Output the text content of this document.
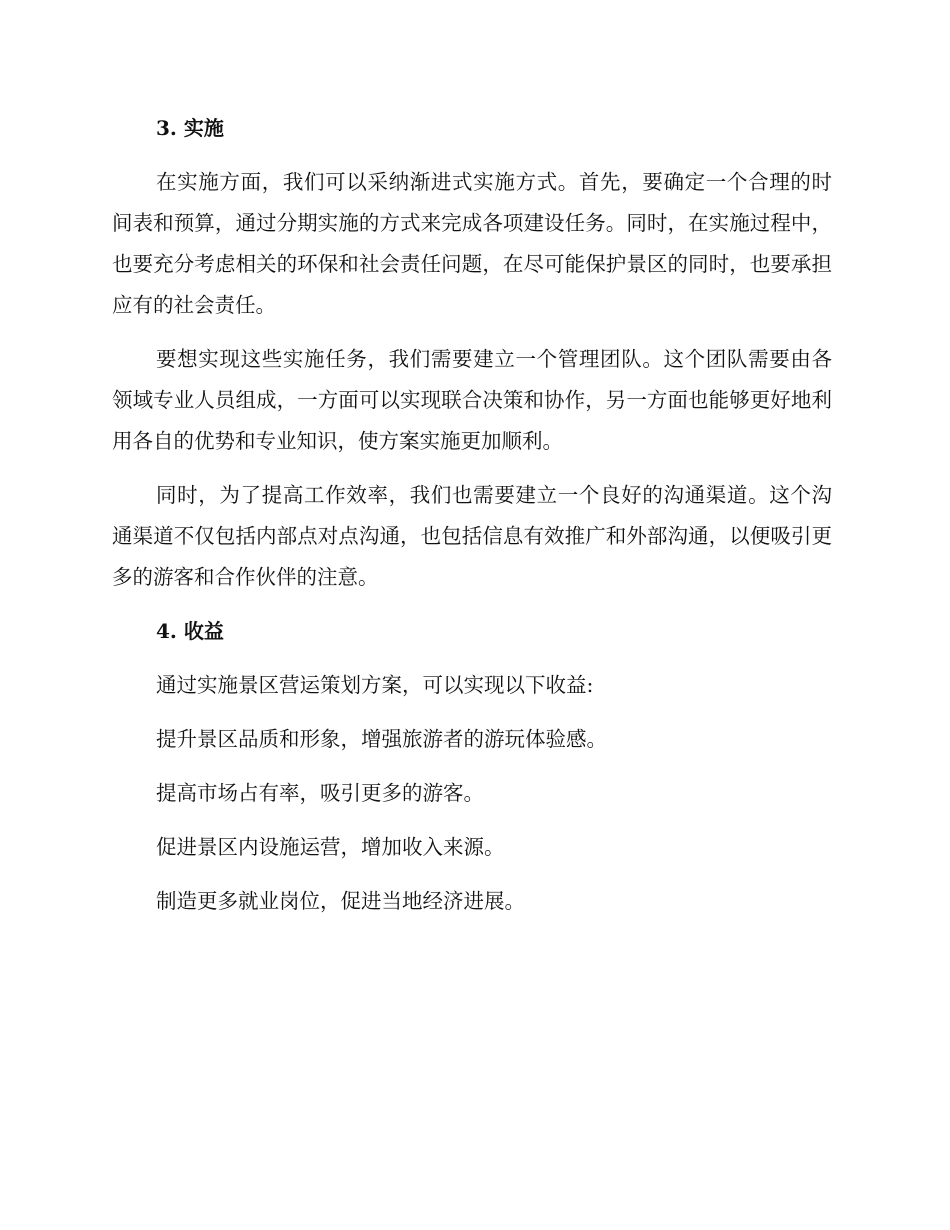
3. 实施

在实施方面，我们可以采纳渐进式实施方式。首先，要确定一个合理的时间表和预算，通过分期实施的方式来完成各项建设任务。同时，在实施过程中，也要充分考虑相关的环保和社会责任问题，在尽可能保护景区的同时，也要承担应有的社会责任。

要想实现这些实施任务，我们需要建立一个管理团队。这个团队需要由各领域专业人员组成，一方面可以实现联合决策和协作，另一方面也能够更好地利用各自的优势和专业知识，使方案实施更加顺利。

同时，为了提高工作效率，我们也需要建立一个良好的沟通渠道。这个沟通渠道不仅包括内部点对点沟通，也包括信息有效推广和外部沟通，以便吸引更多的游客和合作伙伴的注意。

4. 收益

通过实施景区营运策划方案，可以实现以下收益:

提升景区品质和形象，增强旅游者的游玩体验感。

提高市场占有率，吸引更多的游客。

促进景区内设施运营，增加收入来源。

制造更多就业岗位，促进当地经济进展。
